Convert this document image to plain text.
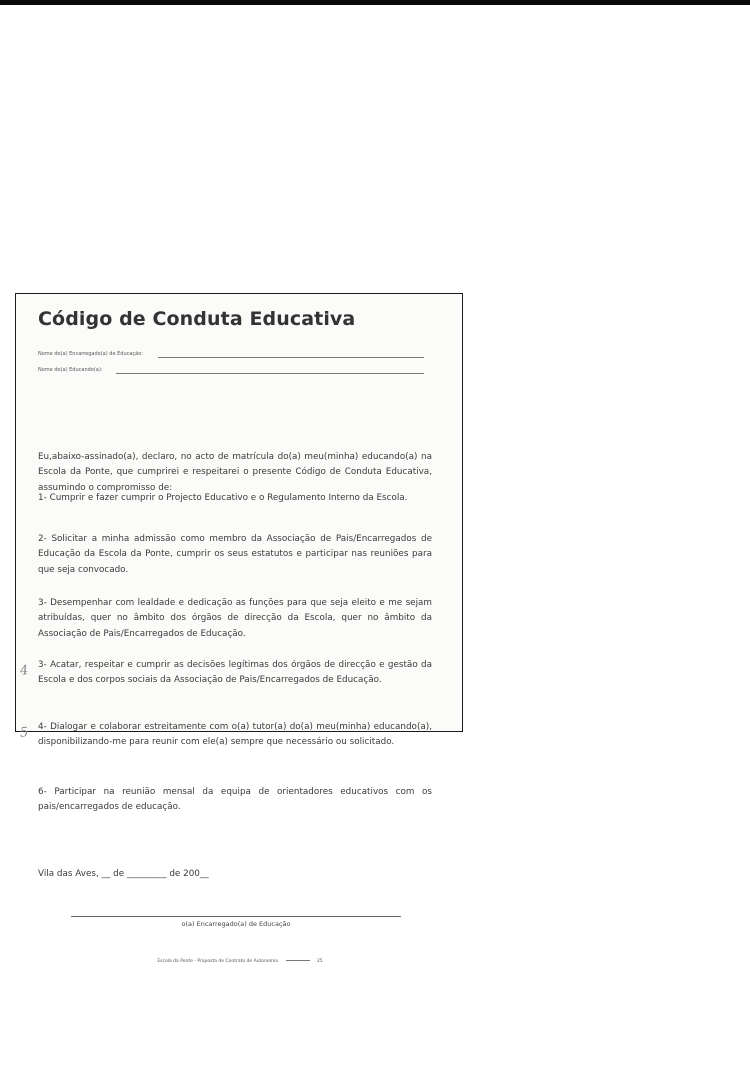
Código de Conduta Educativa
Nome do(a) Encarregado(a) de Educação:
Nome do(a) Educando(a):
Eu,abaixo-assinado(a), declaro, no acto de matrícula do(a) meu(minha) educando(a) na Escola da Ponte, que cumprirei e respeitarei o presente Código de Conduta Educativa, assumindo o compromisso de:
1- Cumprir e fazer cumprir o Projecto Educativo e o Regulamento Interno da Escola.
2- Solicitar a minha admissão como membro da Associação de Pais/Encarregados de Educação da Escola da Ponte, cumprir os seus estatutos e participar nas reuniões para que seja convocado.
3- Desempenhar com lealdade e dedicação as funções para que seja eleito e me sejam atribuídas, quer no âmbito dos órgãos de direcção da Escola, quer no âmbito da Associação de Pais/Encarregados de Educação.
3- Acatar, respeitar e cumprir as decisões legítimas dos órgãos de direcção e gestão da Escola e dos corpos sociais da Associação de Pais/Encarregados de Educação.
4- Dialogar e colaborar estreitamente com o(a) tutor(a) do(a) meu(minha) educando(a), disponibilizando-me para reunir com ele(a) sempre que necessário ou solicitado.
6- Participar na reunião mensal da equipa de orientadores educativos com os pais/encarregados de educação.
4
5
Vila das Aves, __ de _________ de 200__
o(a) Encarregado(a) de Educação
Escola da Ponte - Proposta de Contrato de Autonomia	25
